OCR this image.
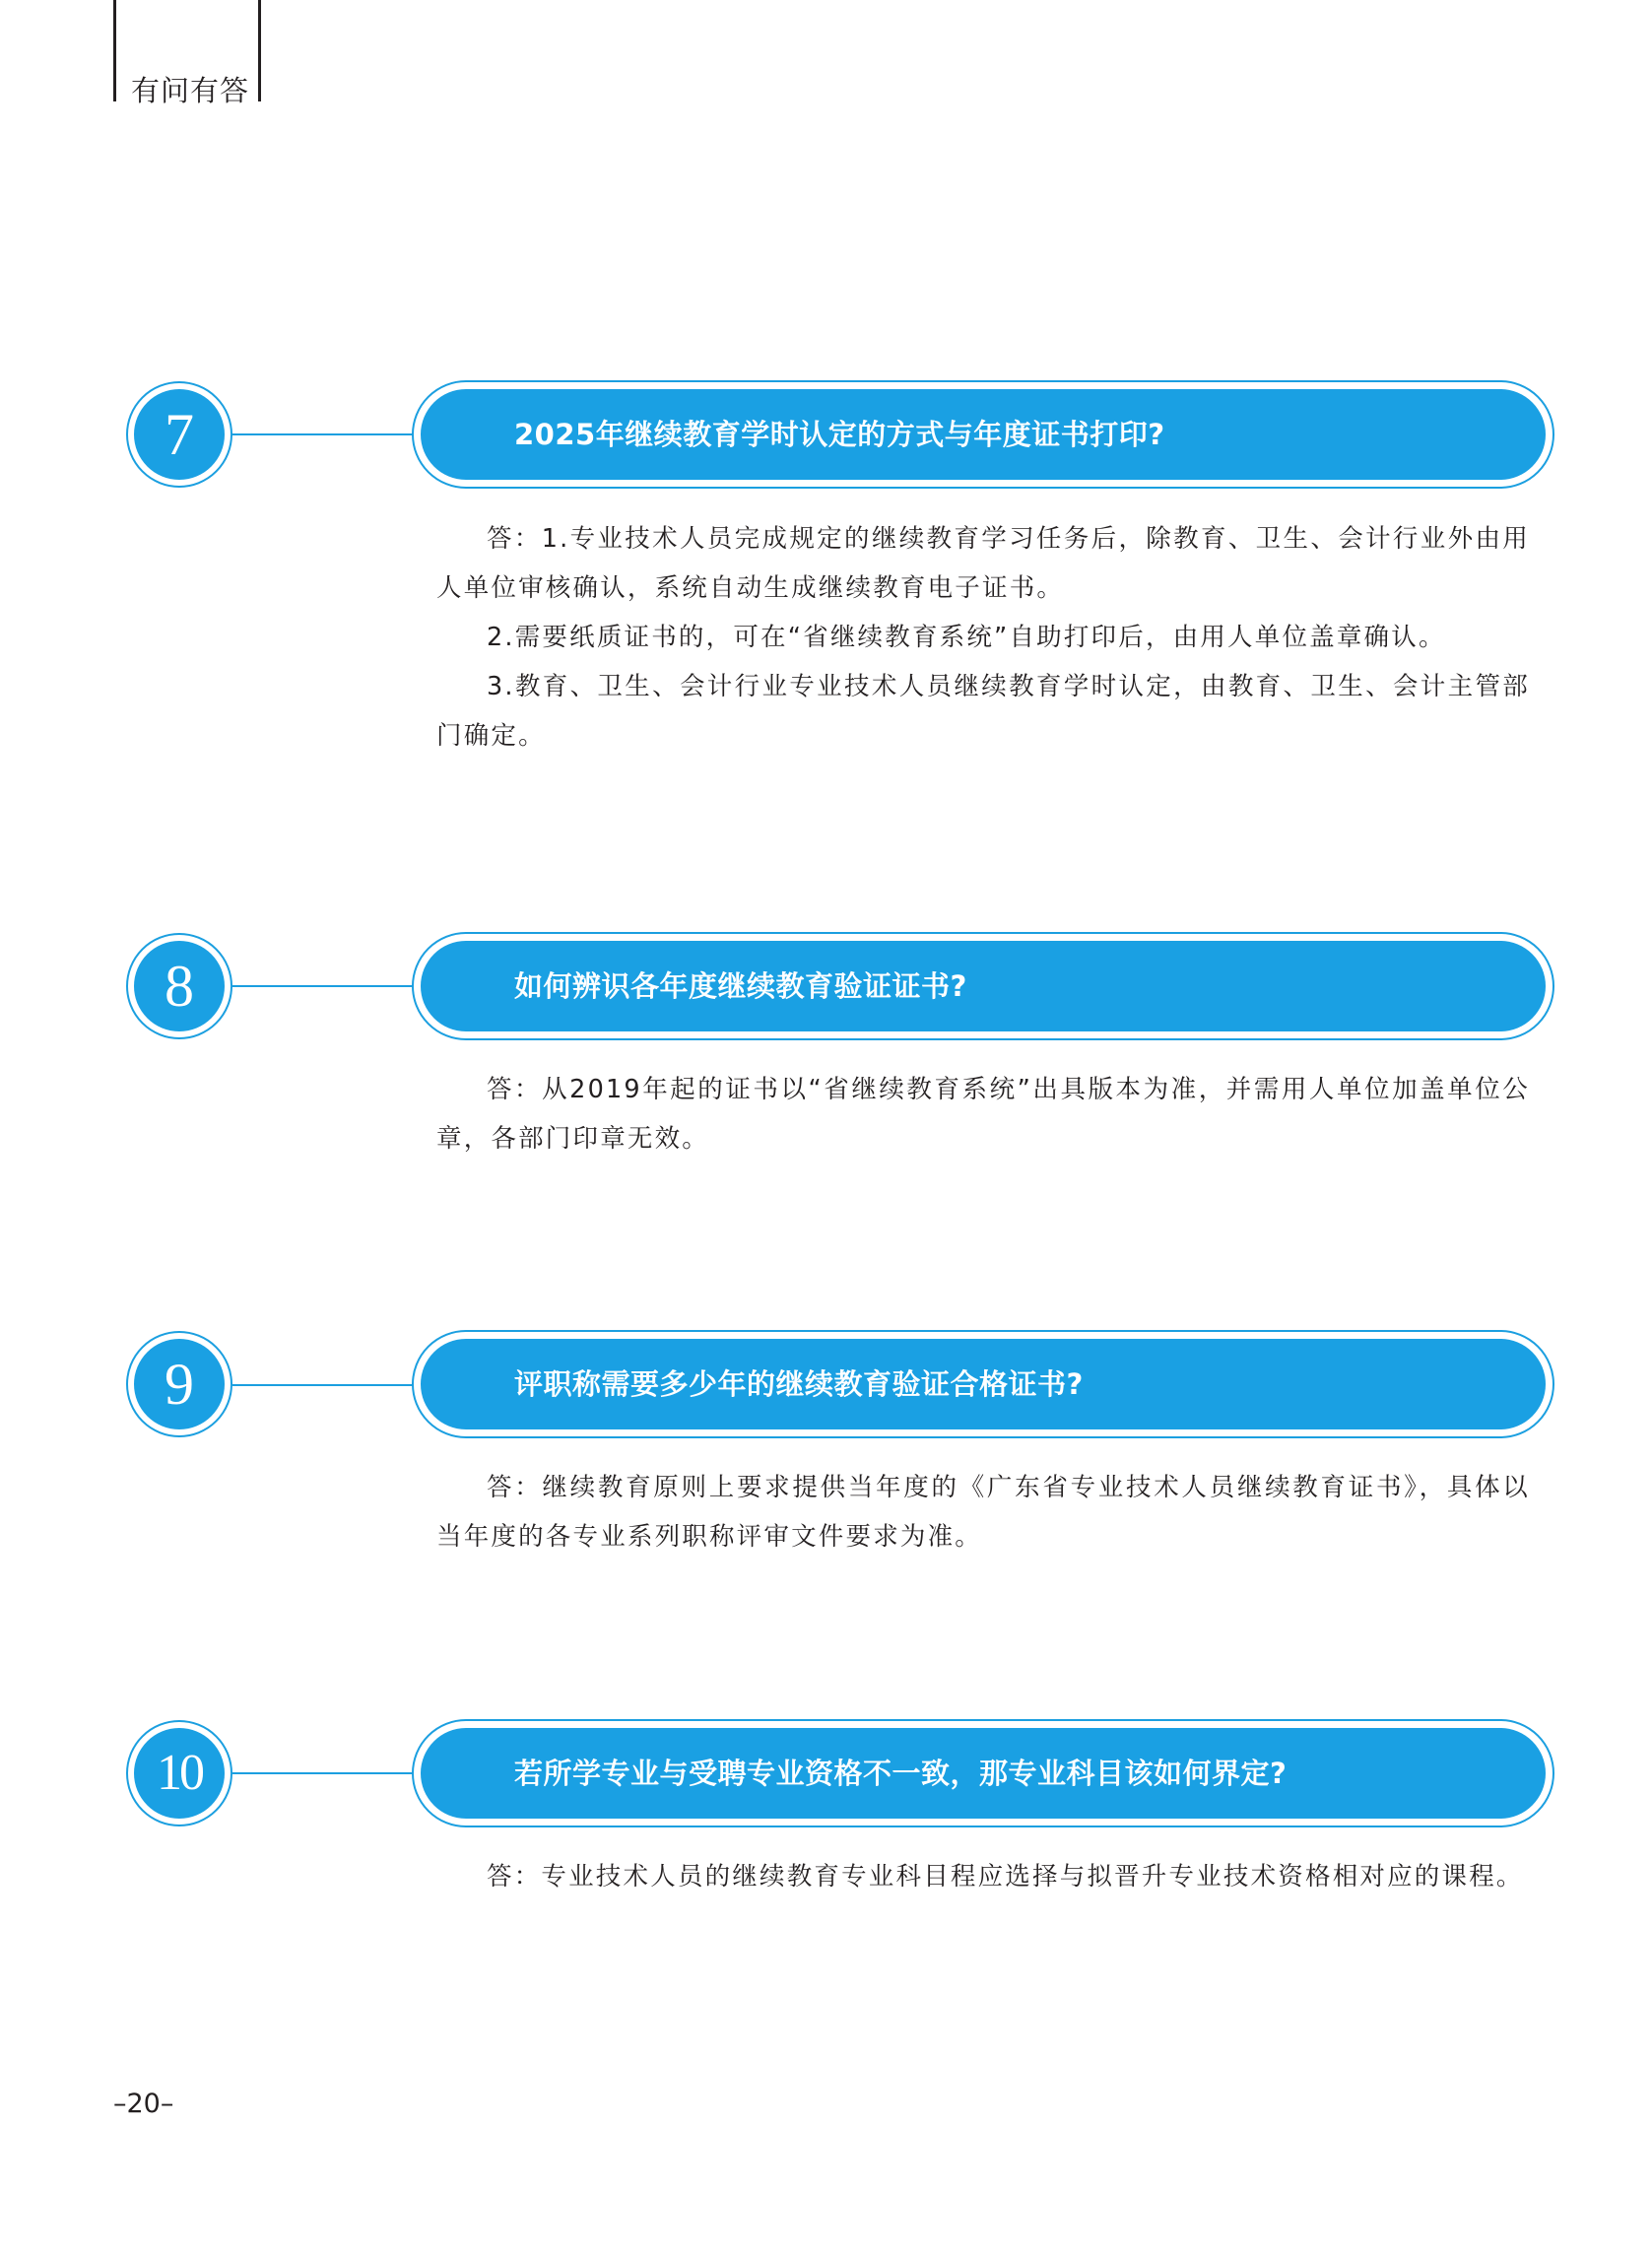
有问有答
7	2025年继续教育学时认定的方式与年度证书打印?

答：1.专业技术人员完成规定的继续教育学习任务后，除教育、卫生、会计行业外由用人单位审核确认，系统自动生成继续教育电子证书。

2.需要纸质证书的，可在“省继续教育系统”自助打印后，由用人单位盖章确认。

3.教育、卫生、会计行业专业技术人员继续教育学时认定，由教育、卫生、会计主管部门确定。

8	如何辨识各年度继续教育验证证书?

答：从2019年起的证书以“省继续教育系统”出具版本为准，并需用人单位加盖单位公章，各部门印章无效。

9	评职称需要多少年的继续教育验证合格证书?

答：继续教育原则上要求提供当年度的《广东省专业技术人员继续教育证书》，具体以当年度的各专业系列职称评审文件要求为准。

10	若所学专业与受聘专业资格不一致，那专业科目该如何界定?

答：专业技术人员的继续教育专业科目程应选择与拟晋升专业技术资格相对应的课程。

–20–
